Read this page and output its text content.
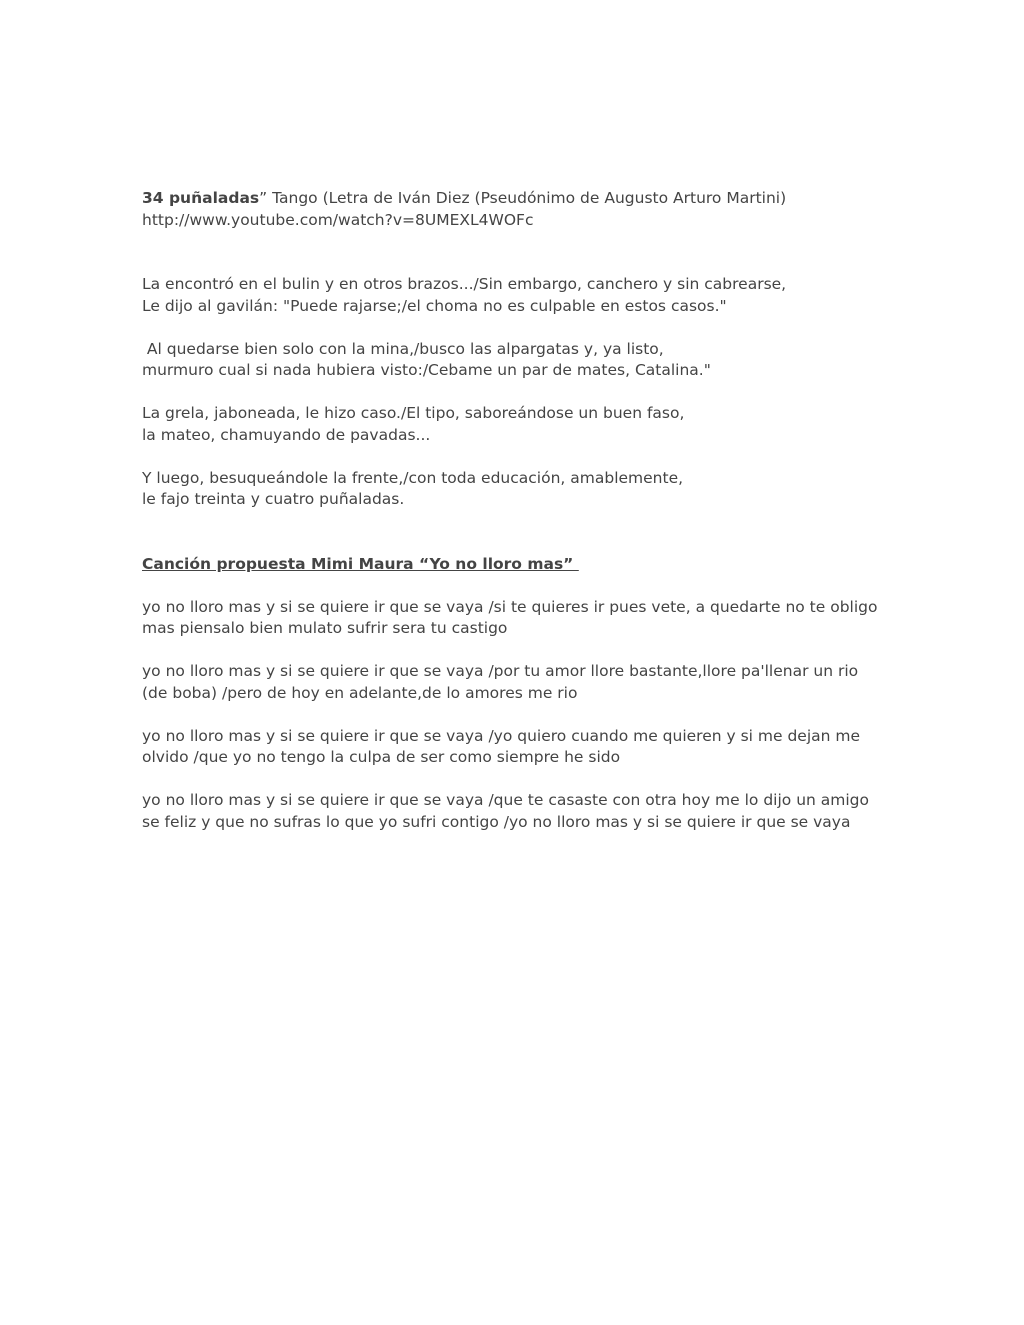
34 puñaladas” Tango (Letra de Iván Diez (Pseudónimo de Augusto Arturo Martini)
http://www.youtube.com/watch?v=8UMEXL4WOFc
La encontró en el bulin y en otros brazos.../Sin embargo, canchero y sin cabrearse,
Le dijo al gavilán: "Puede rajarse;/el choma no es culpable en estos casos."
Al quedarse bien solo con la mina,/busco las alpargatas y, ya listo,
murmuro cual si nada hubiera visto:/Cebame un par de mates, Catalina."
La grela, jaboneada, le hizo caso./El tipo, saboreándose un buen faso,
la mateo, chamuyando de pavadas...
Y luego, besuqueándole la frente,/con toda educación, amablemente,
le fajo treinta y cuatro puñaladas.
Canción propuesta Mimi Maura “Yo no lloro mas”
yo no lloro mas y si se quiere ir que se vaya /si te quieres ir pues vete, a quedarte no te obligo
mas piensalo bien mulato sufrir sera tu castigo
yo no lloro mas y si se quiere ir que se vaya /por tu amor llore bastante,llore pa'llenar un rio (de boba) /pero de hoy en adelante,de lo amores me rio
yo no lloro mas y si se quiere ir que se vaya /yo quiero cuando me quieren y si me dejan me olvido /que yo no tengo la culpa de ser como siempre he sido
yo no lloro mas y si se quiere ir que se vaya /que te casaste con otra hoy me lo dijo un amigo
se feliz y que no sufras lo que yo sufri contigo /yo no lloro mas y si se quiere ir que se vaya
